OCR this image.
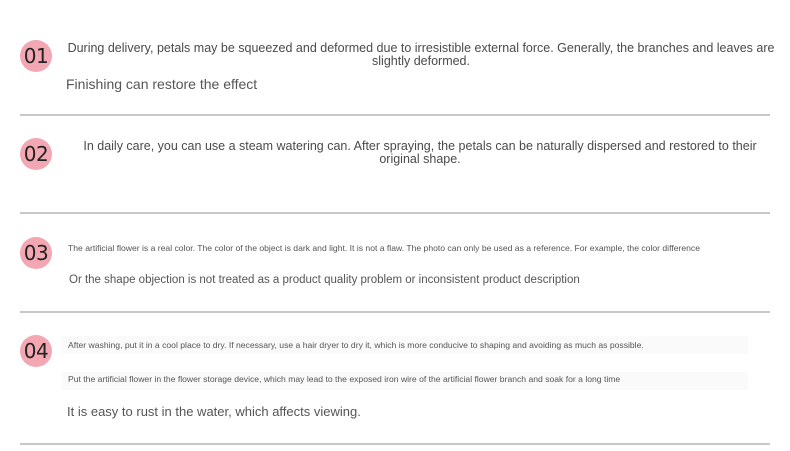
01	During delivery, petals may be squeezed and deformed due to irresistible external force. Generally, the branches and leaves are slightly deformed.

Finishing can restore the effect

02	In daily care, you can use a steam watering can. After spraying, the petals can be naturally dispersed and restored to their original shape.

03	The artificial flower is a real color. The color of the object is dark and light. It is not a flaw. The photo can only be used as a reference. For example, the color difference

Or the shape objection is not treated as a product quality problem or inconsistent product description

04	After washing, put it in a cool place to dry. If necessary, use a hair dryer to dry it, which is more conducive to shaping and avoiding as much as possible.

Put the artificial flower in the flower storage device, which may lead to the exposed iron wire of the artificial flower branch and soak for a long time

It is easy to rust in the water, which affects viewing.
